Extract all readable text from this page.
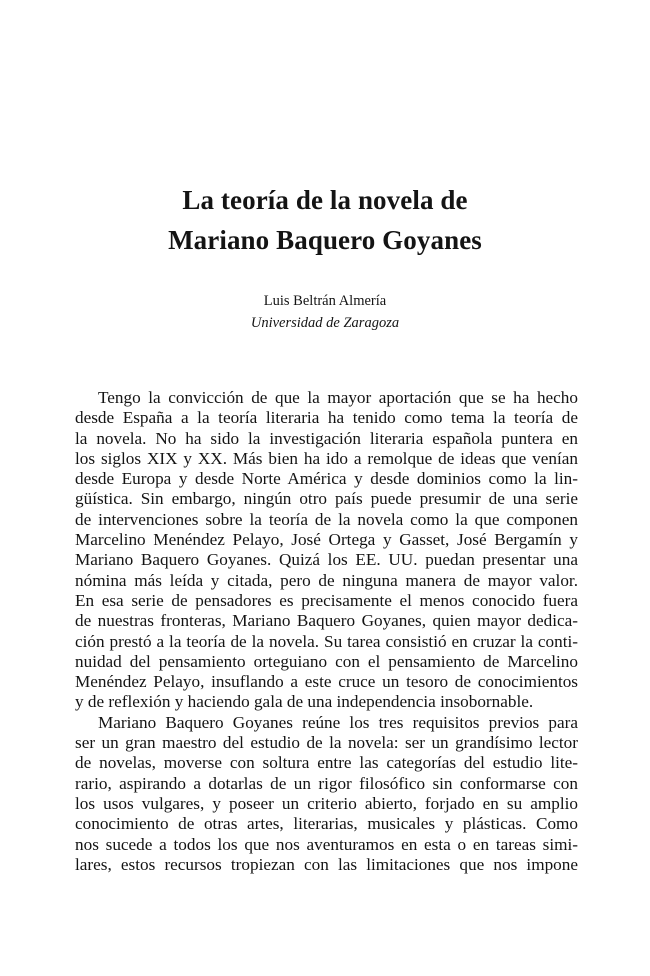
La teoría de la novela de
Mariano Baquero Goyanes
Luis Beltrán Almería
Universidad de Zaragoza
Tengo la convicción de que la mayor aportación que se ha hecho
desde España a la teoría literaria ha tenido como tema la teoría de
la novela. No ha sido la investigación literaria española puntera en
los siglos XIX y XX. Más bien ha ido a remolque de ideas que venían
desde Europa y desde Norte América y desde dominios como la lin-
güística. Sin embargo, ningún otro país puede presumir de una serie
de intervenciones sobre la teoría de la novela como la que componen
Marcelino Menéndez Pelayo, José Ortega y Gasset, José Bergamín y
Mariano Baquero Goyanes. Quizá los EE. UU. puedan presentar una
nómina más leída y citada, pero de ninguna manera de mayor valor.
En esa serie de pensadores es precisamente el menos conocido fuera
de nuestras fronteras, Mariano Baquero Goyanes, quien mayor dedica-
ción prestó a la teoría de la novela. Su tarea consistió en cruzar la conti-
nuidad del pensamiento orteguiano con el pensamiento de Marcelino
Menéndez Pelayo, insuflando a este cruce un tesoro de conocimientos
y de reflexión y haciendo gala de una independencia insobornable.
Mariano Baquero Goyanes reúne los tres requisitos previos para
ser un gran maestro del estudio de la novela: ser un grandísimo lector
de novelas, moverse con soltura entre las categorías del estudio lite-
rario, aspirando a dotarlas de un rigor filosófico sin conformarse con
los usos vulgares, y poseer un criterio abierto, forjado en su amplio
conocimiento de otras artes, literarias, musicales y plásticas. Como
nos sucede a todos los que nos aventuramos en esta o en tareas simi-
lares, estos recursos tropiezan con las limitaciones que nos impone
